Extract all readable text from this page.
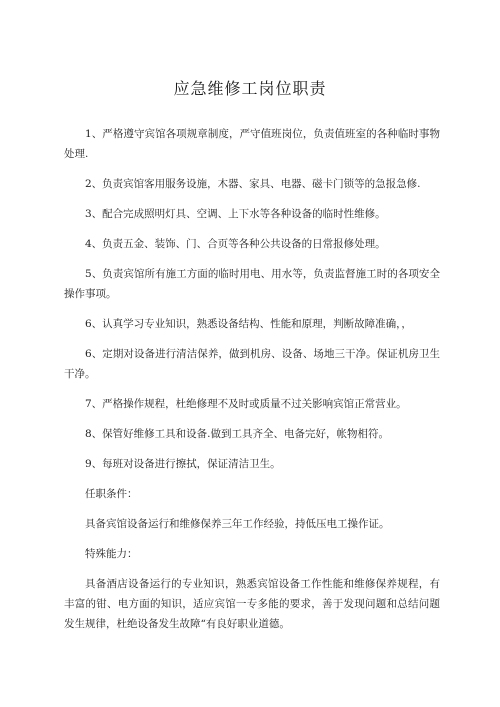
应急维修工岗位职责

1、严格遵守宾馆各项规章制度，严守值班岗位，负责值班室的各种临时事物处理.

2、负责宾馆客用服务设施，木器、家具、电器、磁卡门锁等的急报急修.

3、配合完成照明灯具、空调、上下水等各种设备的临时性维修。

4、负责五金、装饰、门、合页等各种公共设备的日常报修处理。

5、负责宾馆所有施工方面的临时用电、用水等，负责监督施工时的各项安全操作事项。

6、认真学习专业知识，熟悉设备结构、性能和原理，判断故障准确，，

6、定期对设备进行清洁保养，做到机房、设备、场地三干净。保证机房卫生干净。

7、严格操作规程，杜绝修理不及时或质量不过关影响宾馆正常营业。

8、保管好维修工具和设备.做到工具齐全、电备完好，帐物相符。

9、每班对设备进行擦拭，保证清洁卫生。

任职条件：

具备宾馆设备运行和维修保养三年工作经验，持低压电工操作证。

特殊能力：

具备酒店设备运行的专业知识，熟悉宾馆设备工作性能和维修保养规程，有丰富的钳、电方面的知识，适应宾馆一专多能的要求，善于发现问题和总结问题发生规律，杜绝设备发生故障“有良好职业道德。
